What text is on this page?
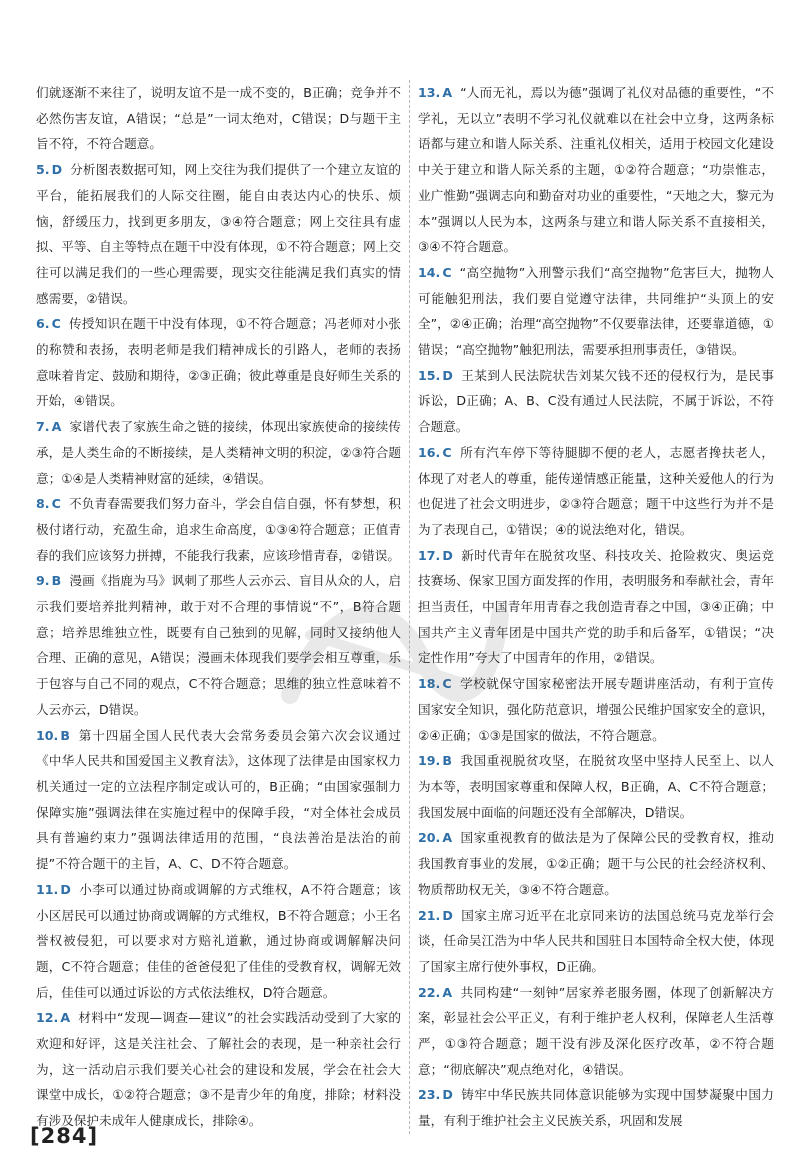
们就逐渐不来往了，说明友谊不是一成不变的，B正确；竞争并不必然伤害友谊，A错误；“总是”一词太绝对，C错误；D与题干主旨不符，不符合题意。

5. D 分析图表数据可知，网上交往为我们提供了一个建立友谊的平台，能拓展我们的人际交往圈，能自由表达内心的快乐、烦恼，舒缓压力，找到更多朋友，③④符合题意；网上交往具有虚拟、平等、自主等特点在题干中没有体现，①不符合题意；网上交往可以满足我们的一些心理需要，现实交往能满足我们真实的情感需要，②错误。

6. C 传授知识在题干中没有体现，①不符合题意；冯老师对小张的称赞和表扬，表明老师是我们精神成长的引路人，老师的表扬意味着肯定、鼓励和期待，②③正确；彼此尊重是良好师生关系的开始，④错误。

7. A 家谱代表了家族生命之链的接续，体现出家族使命的接续传承，是人类生命的不断接续，是人类精神文明的积淀，②③符合题意；①④是人类精神财富的延续，④错误。

8. C 不负青春需要我们努力奋斗，学会自信自强，怀有梦想，积极付诸行动，充盈生命，追求生命高度，①③④符合题意；正值青春的我们应该努力拼搏，不能我行我素，应该珍惜青春，②错误。

9. B 漫画《指鹿为马》讽刺了那些人云亦云、盲目从众的人，启示我们要培养批判精神，敢于对不合理的事情说“不”，B符合题意；培养思维独立性，既要有自己独到的见解，同时又接纳他人合理、正确的意见，A错误；漫画未体现我们要学会相互尊重，乐于包容与自己不同的观点，C不符合题意；思维的独立性意味着不人云亦云，D错误。

10. B 第十四届全国人民代表大会常务委员会第六次会议通过《中华人民共和国爱国主义教育法》，这体现了法律是由国家权力机关通过一定的立法程序制定或认可的，B正确；“由国家强制力保障实施”强调法律在实施过程中的保障手段，“对全体社会成员具有普遍约束力”强调法律适用的范围，“良法善治是法治的前提”不符合题干的主旨，A、C、D不符合题意。

11. D 小李可以通过协商或调解的方式维权，A不符合题意；该小区居民可以通过协商或调解的方式维权，B不符合题意；小王名誉权被侵犯，可以要求对方赔礼道歉，通过协商或调解解决问题，C不符合题意；佳佳的爸爸侵犯了佳佳的受教育权，调解无效后，佳佳可以通过诉讼的方式依法维权，D符合题意。

12. A 材料中“发现—调查—建议”的社会实践活动受到了大家的欢迎和好评，这是关注社会、了解社会的表现，是一种亲社会行为，这一活动启示我们要关心社会的建设和发展，学会在社会大课堂中成长，①②符合题意；③不是青少年的角度，排除；材料没有涉及保护未成年人健康成长，排除④。

13. A “人而无礼，焉以为德”强调了礼仪对品德的重要性，“不学礼，无以立”表明不学习礼仪就难以在社会中立身，这两条标语都与建立和谐人际关系、注重礼仪相关，适用于校园文化建设中关于建立和谐人际关系的主题，①②符合题意；“功崇惟志，业广惟勤”强调志向和勤奋对功业的重要性，“天地之大，黎元为本”强调以人民为本，这两条与建立和谐人际关系不直接相关，③④不符合题意。

14. C “高空抛物”入刑警示我们“高空抛物”危害巨大，抛物人可能触犯刑法，我们要自觉遵守法律，共同维护“头顶上的安全”，②④正确；治理“高空抛物”不仅要靠法律，还要靠道德，①错误；“高空抛物”触犯刑法，需要承担刑事责任，③错误。

15. D 王某到人民法院状告刘某欠钱不还的侵权行为，是民事诉讼，D正确；A、B、C没有通过人民法院，不属于诉讼，不符合题意。

16. C 所有汽车停下等待腿脚不便的老人，志愿者搀扶老人，体现了对老人的尊重，能传递情感正能量，这种关爱他人的行为也促进了社会文明进步，②③符合题意；题干中这些行为并不是为了表现自己，①错误；④的说法绝对化，错误。

17. D 新时代青年在脱贫攻坚、科技攻关、抢险救灾、奥运竞技赛场、保家卫国方面发挥的作用，表明服务和奉献社会，青年担当责任，中国青年用青春之我创造青春之中国，③④正确；中国共产主义青年团是中国共产党的助手和后备军，①错误；“决定性作用”夸大了中国青年的作用，②错误。

18. C 学校就保守国家秘密法开展专题讲座活动，有利于宣传国家安全知识，强化防范意识，增强公民维护国家安全的意识，②④正确；①③是国家的做法，不符合题意。

19. B 我国重视脱贫攻坚，在脱贫攻坚中坚持人民至上、以人为本等，表明国家尊重和保障人权，B正确，A、C不符合题意；我国发展中面临的问题还没有全部解决，D错误。

20. A 国家重视教育的做法是为了保障公民的受教育权，推动我国教育事业的发展，①②正确；题干与公民的社会经济权利、物质帮助权无关，③④不符合题意。

21. D 国家主席习近平在北京同来访的法国总统马克龙举行会谈，任命吴江浩为中华人民共和国驻日本国特命全权大使，体现了国家主席行使外事权，D正确。

22. A 共同构建“一刻钟”居家养老服务圈，体现了创新解决方案，彰显社会公平正义，有利于维护老人权利，保障老人生活尊严，①③符合题意；题干没有涉及深化医疗改革，②不符合题意；“彻底解决”观点绝对化，④错误。

23. D 铸牢中华民族共同体意识能够为实现中国梦凝聚中国力量，有利于维护社会主义民族关系，巩固和发展

[284]
